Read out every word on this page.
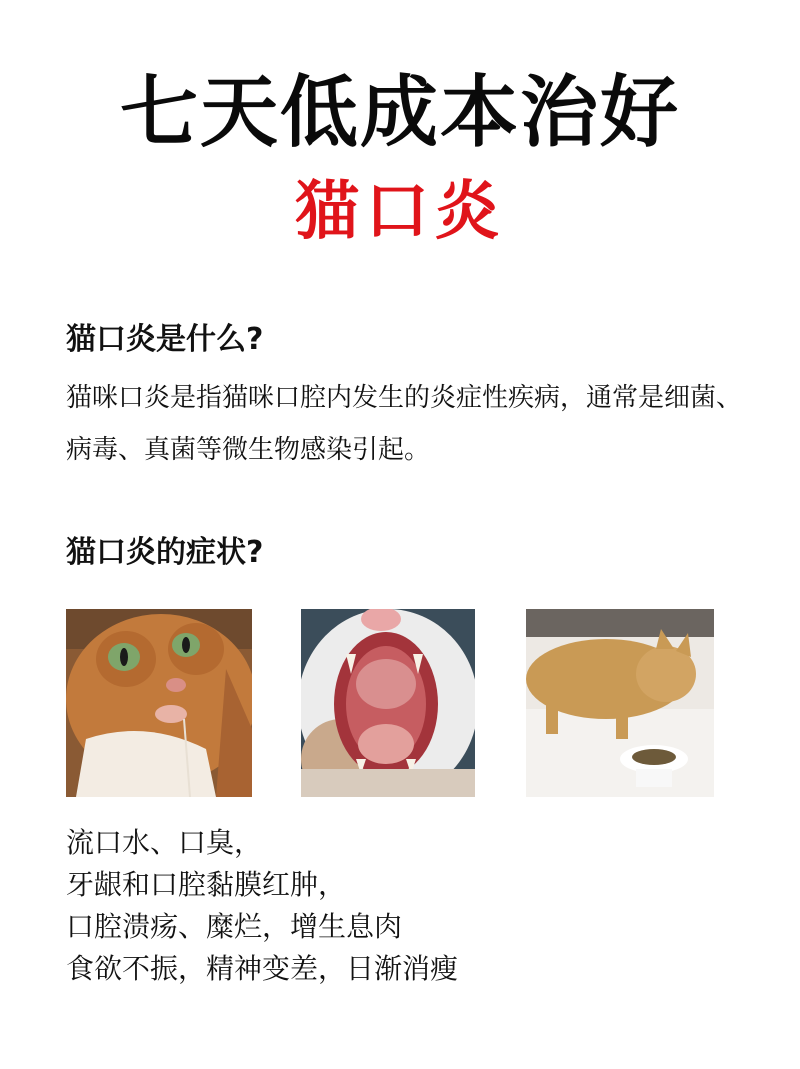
七天低成本治好
猫口炎
猫口炎是什么?

猫咪口炎是指猫咪口腔内发生的炎症性疾病，通常是细菌、病毒、真菌等微生物感染引起。

猫口炎的症状?
流口水、口臭，
牙龈和口腔黏膜红肿，
口腔溃疡、糜烂，增生息肉
食欲不振，精神变差，日渐消瘦
